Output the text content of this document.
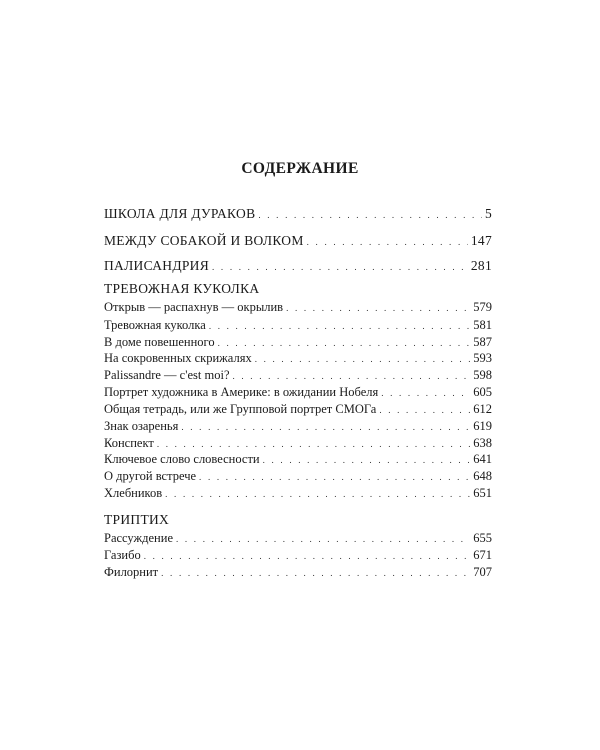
СОДЕРЖАНИЕ
ШКОЛА ДЛЯ ДУРАКОВ . . .	5
МЕЖДУ СОБАКОЙ И ВОЛКОМ . . .	147
ПАЛИСАНДРИЯ . . .	281
ТРЕВОЖНАЯ КУКОЛКА
Открыв — распахнув — окрылив . . .	579
Тревожная куколка . . .	581
В доме повешенного . . .	587
На сокровенных скрижалях . . .	593
Palissandre — c'est moi? . . .	598
Портрет художника в Америке: в ожидании Нобеля . . .	605
Общая тетрадь, или же Групповой портрет СМОГа . . .	612
Знак озаренья . . .	619
Конспект . . .	638
Ключевое слово словесности . . .	641
О другой встрече . . .	648
Хлебников . . .	651
ТРИПТИХ
Рассуждение . . .	655
Газибо . . .	671
Филорнит . . .	707
